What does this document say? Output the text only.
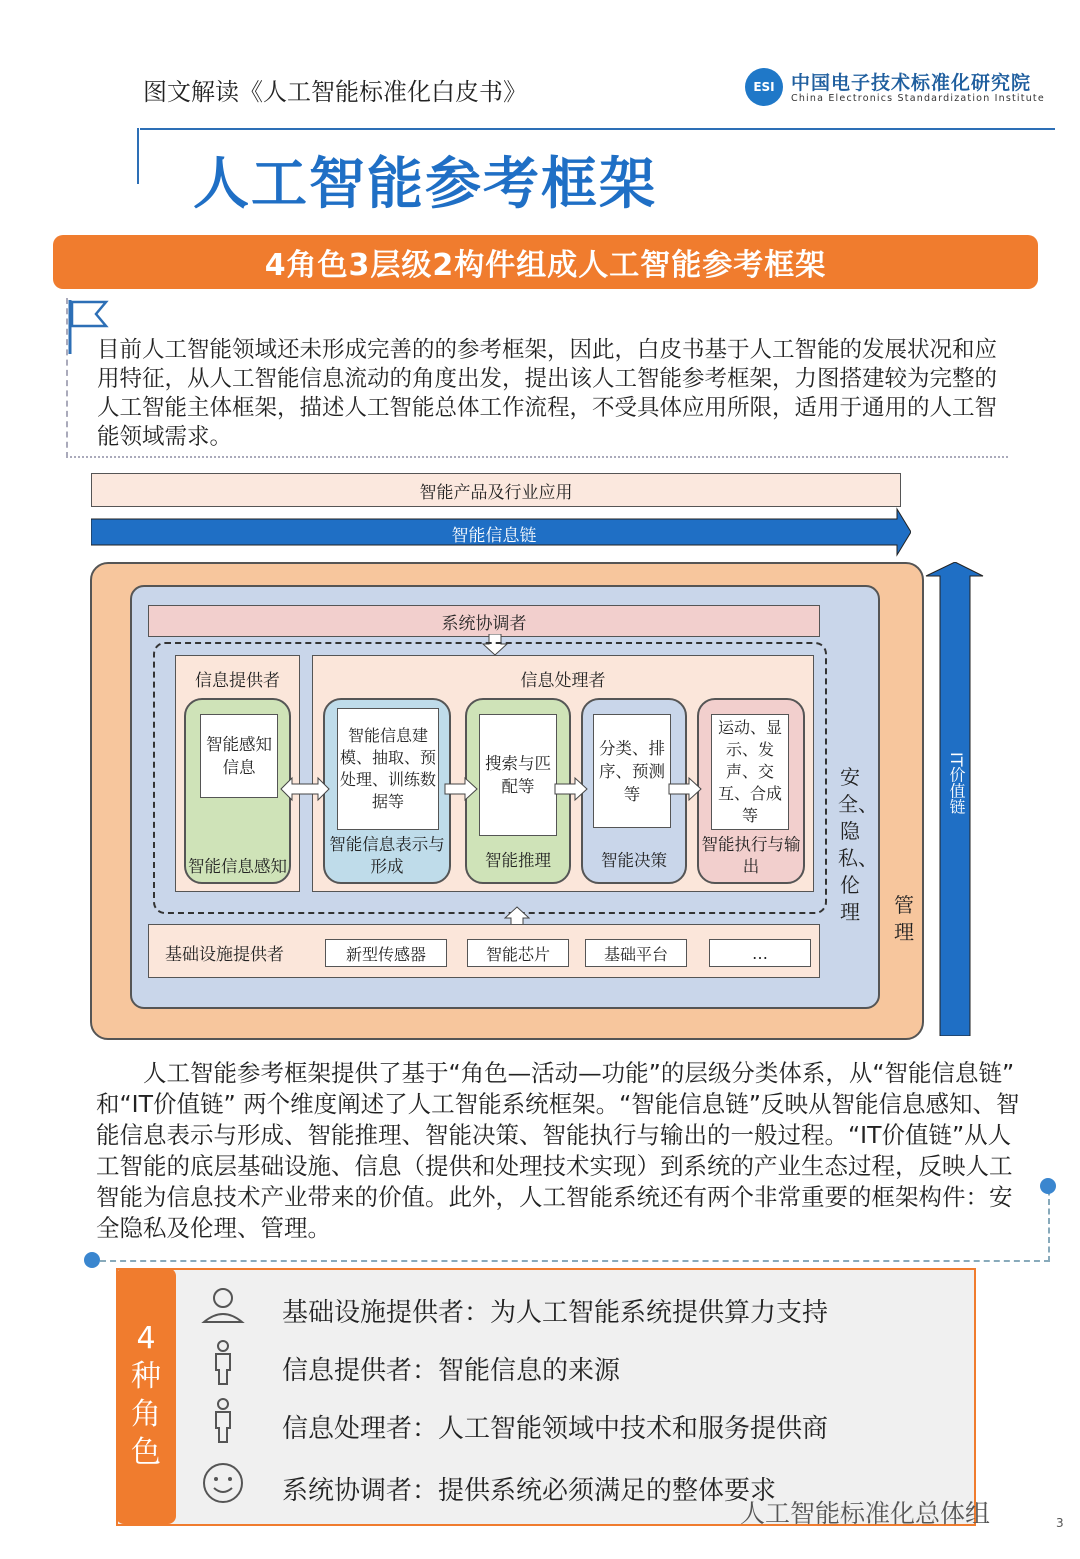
图文解读《人工智能标准化白皮书》	ESI 中国电子技术标准化研究院
China Electronics Standardization Institute
人工智能参考框架
4角色3层级2构件组成人工智能参考框架
目前人工智能领域还未形成完善的的参考框架，因此，白皮书基于人工智能的发展状况和应用特征，从人工智能信息流动的角度出发，提出该人工智能参考框架，力图搭建较为完整的人工智能主体框架，描述人工智能总体工作流程，不受具体应用所限，适用于通用的人工智能领域需求。
智能产品及行业应用
智能信息链
系统协调者
信息提供者
智能感知信息
智能信息感知
信息处理者
智能信息建模、抽取、预处理、训练数据等
智能信息表示与形成
搜索与匹配等
智能推理
分类、排序、预测等
智能决策
运动、显示、发声、交互、合成等
智能执行与输出
基础设施提供者	新型传感器	智能芯片	基础平台	…
安全、隐私、伦理 管理
IT价值链
人工智能参考框架提供了基于“角色—活动—功能”的层级分类体系，从“智能信息链” 和“IT价值链” 两个维度阐述了人工智能系统框架。“智能信息链”反映从智能信息感知、智能信息表示与形成、智能推理、智能决策、智能执行与输出的一般过程。“IT价值链”从人工智能的底层基础设施、信息（提供和处理技术实现）到系统的产业生态过程，反映人工智能为信息技术产业带来的价值。此外，人工智能系统还有两个非常重要的框架构件：安全隐私及伦理、管理。
4种角色
基础设施提供者：为人工智能系统提供算力支持
信息提供者：智能信息的来源
信息处理者：人工智能领域中技术和服务提供商
系统协调者：提供系统必须满足的整体要求
人工智能标准化总体组	3
